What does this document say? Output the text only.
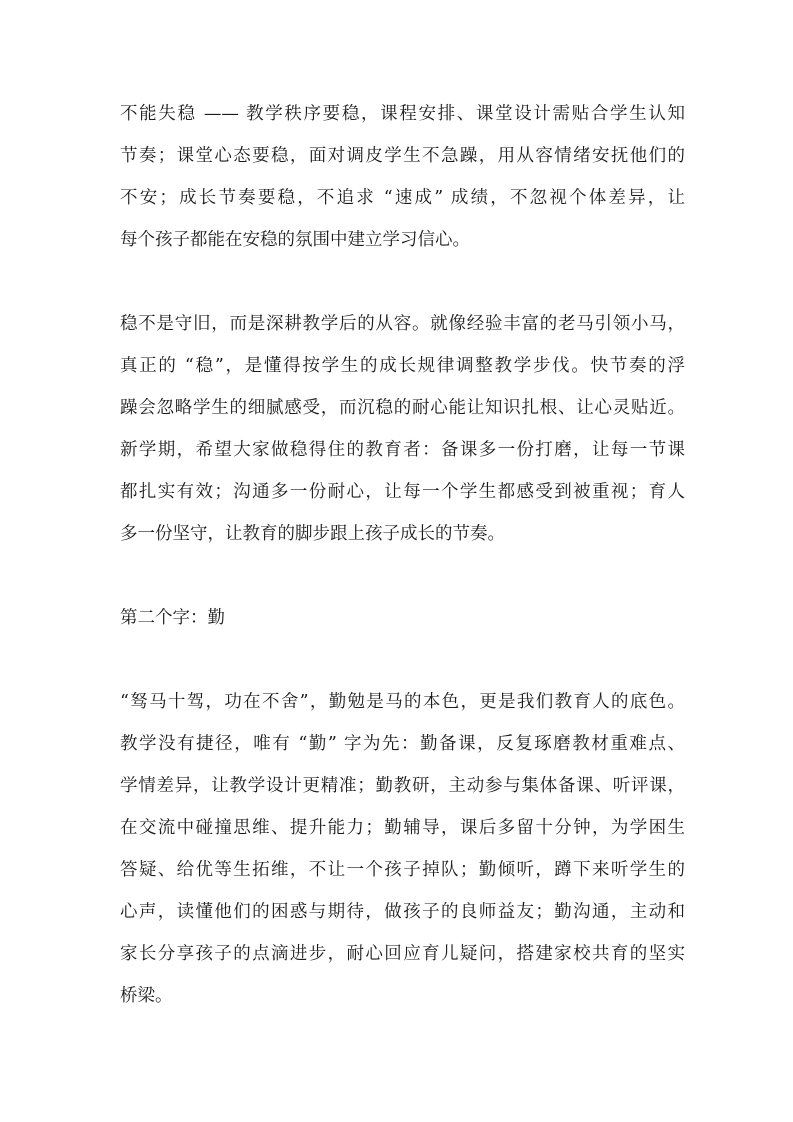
不能失稳 —— 教学秩序要稳，课程安排、课堂设计需贴合学生认知

节奏；课堂心态要稳，面对调皮学生不急躁，用从容情绪安抚他们的

不安；成长节奏要稳，不追求 “速成” 成绩，不忽视个体差异，让

每个孩子都能在安稳的氛围中建立学习信心。

稳不是守旧，而是深耕教学后的从容。就像经验丰富的老马引领小马，

真正的 “稳”，是懂得按学生的成长规律调整教学步伐。快节奏的浮

躁会忽略学生的细腻感受，而沉稳的耐心能让知识扎根、让心灵贴近。

新学期，希望大家做稳得住的教育者：备课多一份打磨，让每一节课

都扎实有效；沟通多一份耐心，让每一个学生都感受到被重视；育人

多一份坚守，让教育的脚步跟上孩子成长的节奏。

第二个字：勤

“驽马十驾，功在不舍”，勤勉是马的本色，更是我们教育人的底色。

教学没有捷径，唯有 “勤” 字为先：勤备课，反复琢磨教材重难点、

学情差异，让教学设计更精准；勤教研，主动参与集体备课、听评课，

在交流中碰撞思维、提升能力；勤辅导，课后多留十分钟，为学困生

答疑、给优等生拓维，不让一个孩子掉队；勤倾听，蹲下来听学生的

心声，读懂他们的困惑与期待，做孩子的良师益友；勤沟通，主动和

家长分享孩子的点滴进步，耐心回应育儿疑问，搭建家校共育的坚实

桥梁。
